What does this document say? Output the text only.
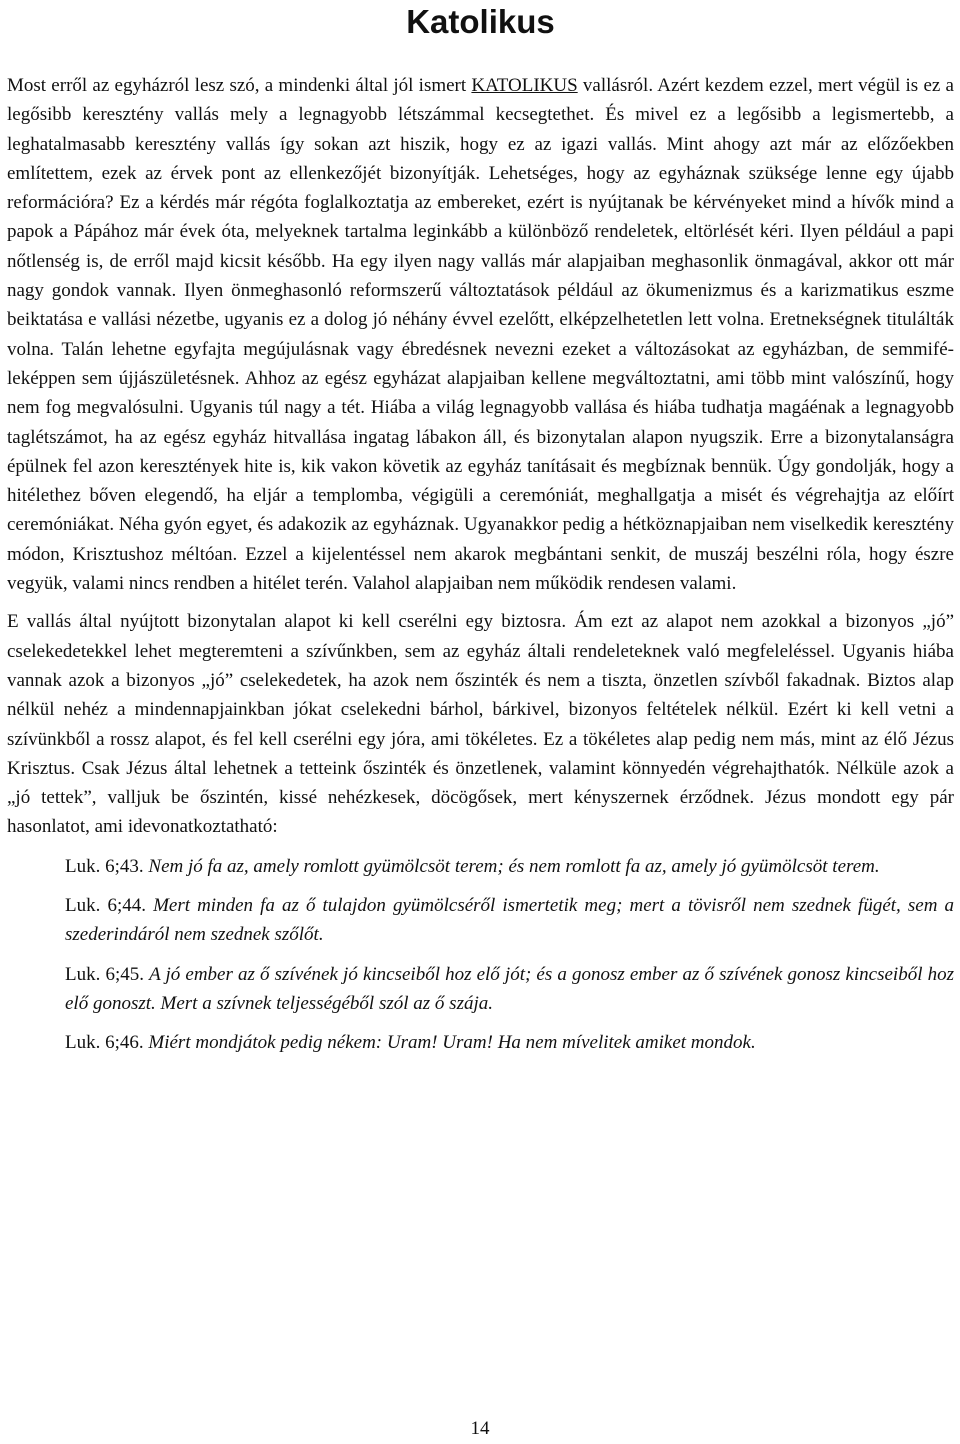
Katolikus

Most erről az egyházról lesz szó, a mindenki által jól ismert KATOLIKUS vallásról. Azért kezdem ezzel, mert végül is ez a legősibb keresztény vallás mely a legnagyobb létszámmal kecsegtethet. És mivel ez a legősibb a legismertebb, a leghatalmasabb keresztény vallás így sokan azt hiszik, hogy ez az igazi vallás. Mint ahogy azt már az előzőekben említettem, ezek az érvek pont az ellenkezőjét bizonyítják. Lehetséges, hogy az egyháznak szüksége lenne egy újabb reformációra? Ez a kérdés már régóta foglalkoztatja az embereket, ezért is nyújtanak be kérvényeket mind a hívők mind a papok a Pápához már évek óta, melyeknek tartalma leginkább a különböző rendeletek, eltörlését kéri. Ilyen például a papi nőtlenség is, de erről majd kicsit később. Ha egy ilyen nagy vallás már alapjaiban meghasonlik önmagával, akkor ott már nagy gondok vannak. Ilyen önmeghasonló reformszerű változtatások például az ökumenizmus és a karizmatikus eszme beiktatása e vallási nézetbe, ugyanis ez a dolog jó néhány évvel ezelőtt, elképzelhetetlen lett volna. Eretnekségnek titulálták volna. Talán lehetne egyfajta megújulásnak vagy ébredésnek nevezni ezeket a változásokat az egyházban, de semmiféleképpen sem újjászületésnek. Ahhoz az egész egyházat alapjaiban kellene megváltoztatni, ami több mint valószínű, hogy nem fog megvalósulni. Ugyanis túl nagy a tét. Hiába a világ legnagyobb vallása és hiába tudhatja magáénak a legnagyobb taglétszámot, ha az egész egyház hitvallása ingatag lábakon áll, és bizonytalan alapon nyugszik. Erre a bizonytalanságra épülnek fel azon keresztények hite is, kik vakon követik az egyház tanításait és megbíznak bennük. Úgy gondolják, hogy a hitélethez bőven elegendő, ha eljár a templomba, végigüli a ceremóniát, meghallgatja a misét és végrehajtja az előírt ceremóniákat. Néha gyón egyet, és adakozik az egyháznak. Ugyanakkor pedig a hétköznapjaiban nem viselkedik keresztény módon, Krisztushoz méltóan. Ezzel a kijelentéssel nem akarok megbántani senkit, de muszáj beszélni róla, hogy észre vegyük, valami nincs rendben a hitélet terén. Valahol alapjaiban nem működik rendesen valami.

E vallás által nyújtott bizonytalan alapot ki kell cserélni egy biztosra. Ám ezt az alapot nem azokkal a bizonyos „jó” cselekedetekkel lehet megteremteni a szívűnkben, sem az egyház általi rendeleteknek való megfeleléssel. Ugyanis hiába vannak azok a bizonyos „jó” cselekedetek, ha azok nem őszinték és nem a tiszta, önzetlen szívből fakadnak. Biztos alap nélkül nehéz a mindennapjainkban jókat cselekedni bárhol, bárkivel, bizonyos feltételek nélkül. Ezért ki kell vetni a szívünkből a rossz alapot, és fel kell cserélni egy jóra, ami tökéletes. Ez a tökéletes alap pedig nem más, mint az élő Jézus Krisztus. Csak Jézus által lehetnek a tetteink őszinték és önzetlenek, valamint könnyedén végrehajthatók. Nélküle azok a „jó tettek”, valljuk be őszintén, kissé nehézkesek, döcögősek, mert kényszernek érződnek. Jézus mondott egy pár hasonlatot, ami idevonatkoztatható:

Luk. 6;43. Nem jó fa az, amely romlott gyümölcsöt terem; és nem romlott fa az, amely jó gyümölcsöt terem.

Luk. 6;44. Mert minden fa az ő tulajdon gyümölcséről ismertetik meg; mert a tövisről nem szednek fügét, sem a szederindáról nem szednek szőlőt.

Luk. 6;45. A jó ember az ő szívének jó kincseiből hoz elő jót; és a gonosz ember az ő szívének gonosz kincseiből hoz elő gonoszt. Mert a szívnek teljességéből szól az ő szája.

Luk. 6;46. Miért mondjátok pedig nékem: Uram! Uram! Ha nem mívelitek amiket mondok.

14
